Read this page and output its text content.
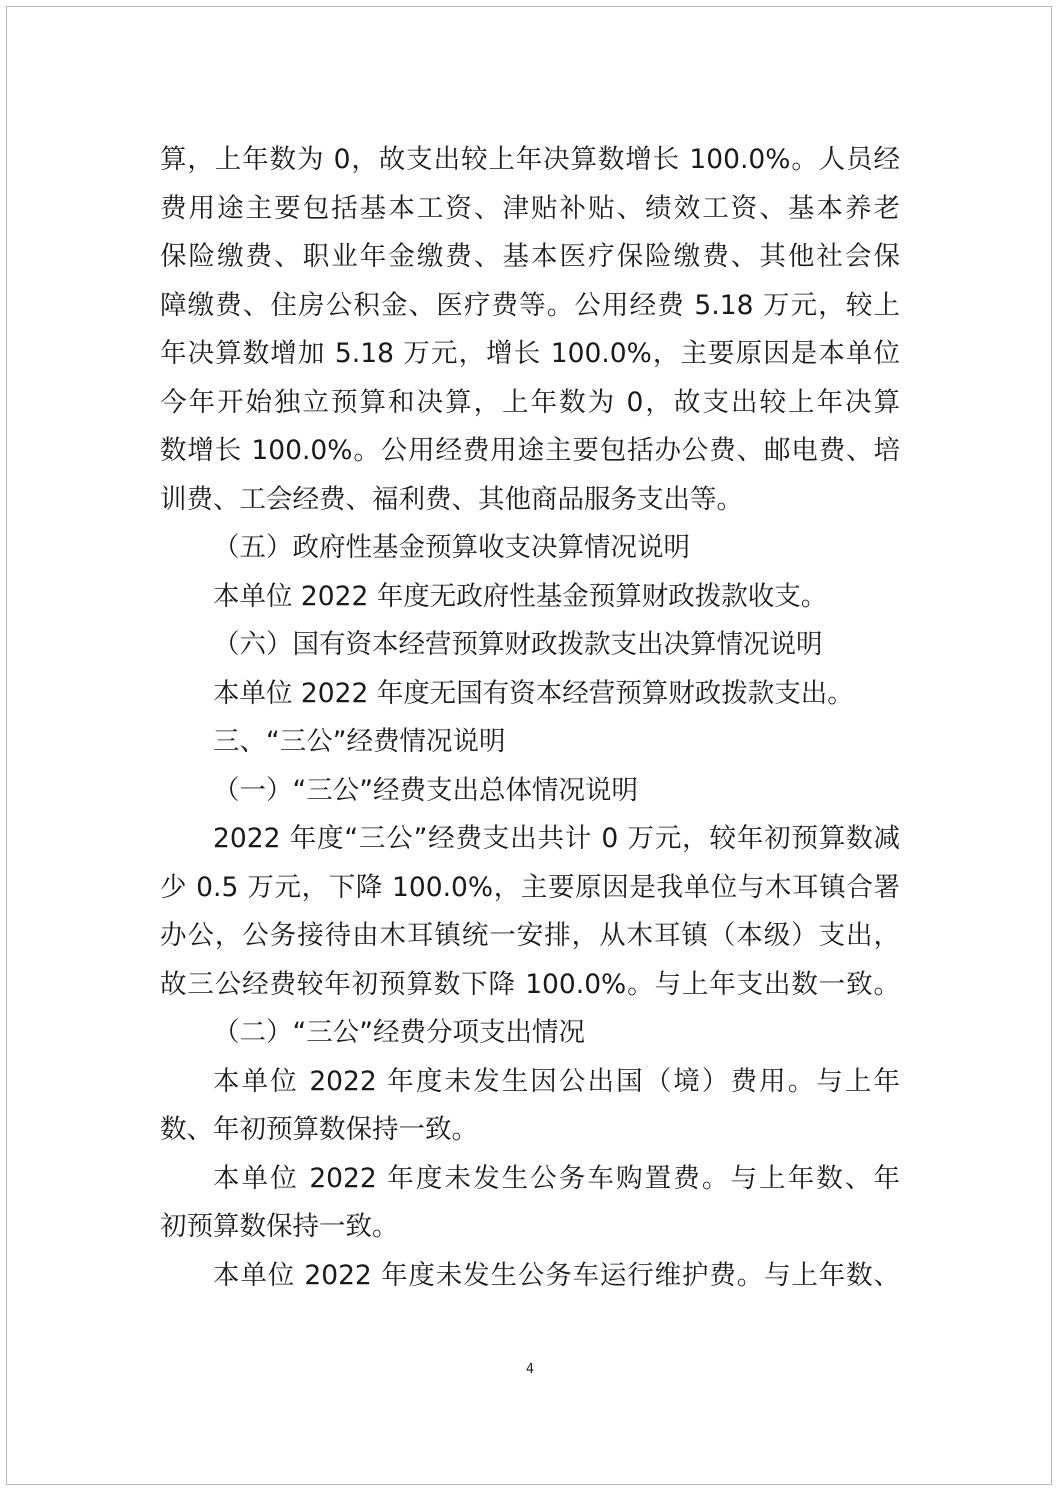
算，上年数为 0，故支出较上年决算数增长 100.0%。人员经

费用途主要包括基本工资、津贴补贴、绩效工资、基本养老

保险缴费、职业年金缴费、基本医疗保险缴费、其他社会保

障缴费、住房公积金、医疗费等。公用经费 5.18 万元，较上

年决算数增加 5.18 万元，增长 100.0%，主要原因是本单位

今年开始独立预算和决算，上年数为 0，故支出较上年决算

数增长 100.0%。公用经费用途主要包括办公费、邮电费、培

训费、工会经费、福利费、其他商品服务支出等。

（五）政府性基金预算收支决算情况说明

本单位 2022 年度无政府性基金预算财政拨款收支。

（六）国有资本经营预算财政拨款支出决算情况说明

本单位 2022 年度无国有资本经营预算财政拨款支出。

三、“三公”经费情况说明

（一）“三公”经费支出总体情况说明

2022 年度“三公”经费支出共计 0 万元，较年初预算数减

少 0.5 万元，下降 100.0%，主要原因是我单位与木耳镇合署

办公，公务接待由木耳镇统一安排，从木耳镇（本级）支出，

故三公经费较年初预算数下降 100.0%。与上年支出数一致。

（二）“三公”经费分项支出情况

本单位 2022 年度未发生因公出国（境）费用。与上年

数、年初预算数保持一致。

本单位 2022 年度未发生公务车购置费。与上年数、年

初预算数保持一致。

本单位 2022 年度未发生公务车运行维护费。与上年数、

4
